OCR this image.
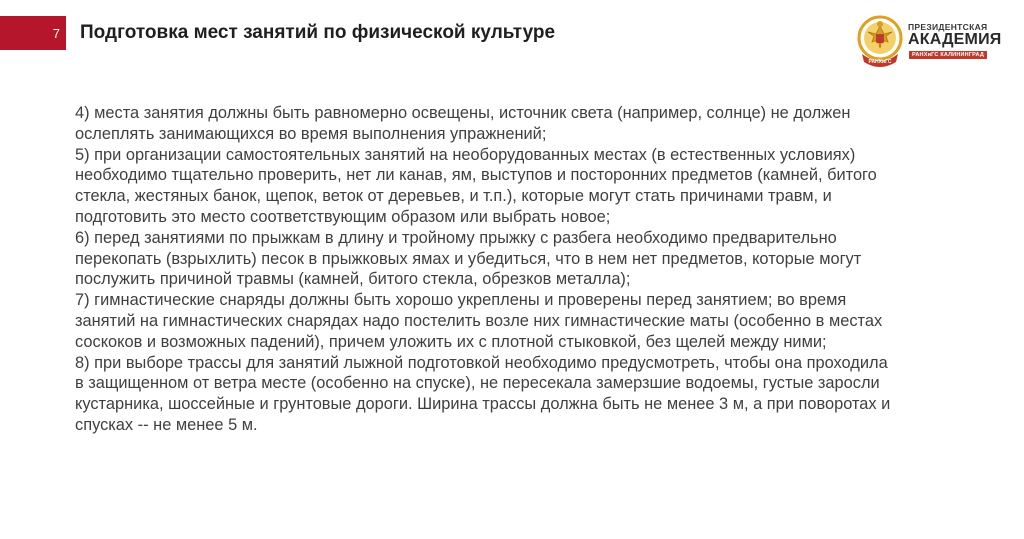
7 Подготовка мест занятий по физической культуре
РАНХиГС
ПРЕЗИДЕНТСКАЯ
АКАДЕМИЯ
РАНХиГС КАЛИНИНГРАД
4) места занятия должны быть равномерно освещены, источник света (например, солнце) не должен
ослеплять занимающихся во время выполнения упражнений;
5) при организации самостоятельных занятий на необорудованных местах (в естественных условиях)
необходимо тщательно проверить, нет ли канав, ям, выступов и посторонних предметов (камней, битого
стекла, жестяных банок, щепок, веток от деревьев, и т.п.), которые могут стать причинами травм, и
подготовить это место соответствующим образом или выбрать новое;
6) перед занятиями по прыжкам в длину и тройному прыжку с разбега необходимо предварительно
перекопать (взрыхлить) песок в прыжковых ямах и убедиться, что в нем нет предметов, которые могут
послужить причиной травмы (камней, битого стекла, обрезков металла);
7) гимнастические снаряды должны быть хорошо укреплены и проверены перед занятием; во время
занятий на гимнастических снарядах надо постелить возле них гимнастические маты (особенно в местах
соскоков и возможных падений), причем уложить их с плотной стыковкой, без щелей между ними;
8) при выборе трассы для занятий лыжной подготовкой необходимо предусмотреть, чтобы она проходила
в защищенном от ветра месте (особенно на спуске), не пересекала замерзшие водоемы, густые заросли
кустарника, шоссейные и грунтовые дороги. Ширина трассы должна быть не менее 3 м, а при поворотах и
спусках -- не менее 5 м.
